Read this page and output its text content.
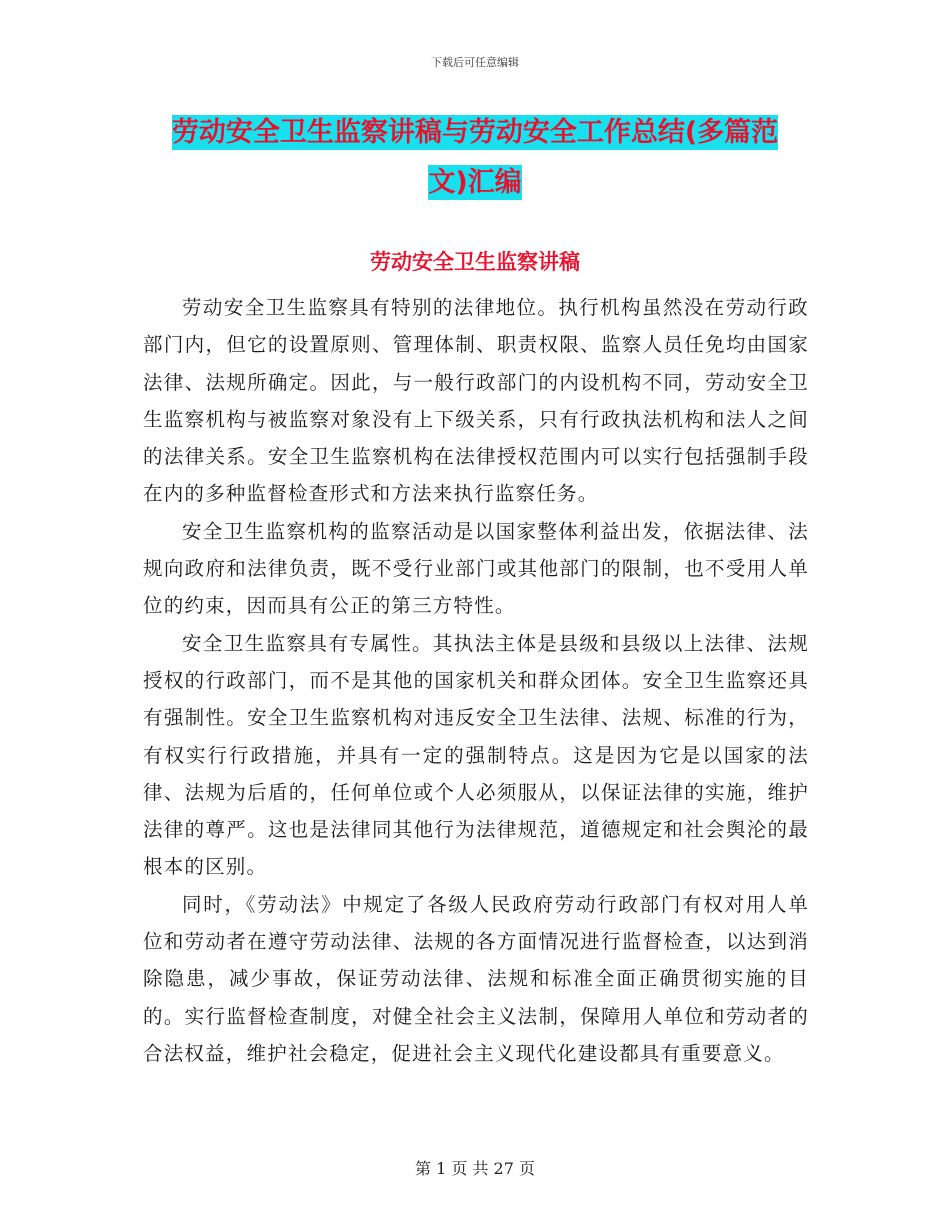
下载后可任意编辑
劳动安全卫生监察讲稿与劳动安全工作总结(多篇范
文)汇编
劳动安全卫生监察讲稿

劳动安全卫生监察具有特别的法律地位。执行机构虽然没在劳动行政部门内，但它的设置原则、管理体制、职责权限、监察人员任免均由国家法律、法规所确定。因此，与一般行政部门的内设机构不同，劳动安全卫生监察机构与被监察对象没有上下级关系，只有行政执法机构和法人之间的法律关系。安全卫生监察机构在法律授权范围内可以实行包括强制手段在内的多种监督检查形式和方法来执行监察任务。

安全卫生监察机构的监察活动是以国家整体利益出发，依据法律、法规向政府和法律负责，既不受行业部门或其他部门的限制，也不受用人单位的约束，因而具有公正的第三方特性。

安全卫生监察具有专属性。其执法主体是县级和县级以上法律、法规授权的行政部门，而不是其他的国家机关和群众团体。安全卫生监察还具有强制性。安全卫生监察机构对违反安全卫生法律、法规、标准的行为，有权实行行政措施，并具有一定的强制特点。这是因为它是以国家的法律、法规为后盾的，任何单位或个人必须服从，以保证法律的实施，维护法律的尊严。这也是法律同其他行为法律规范，道德规定和社会舆沦的最根本的区别。

同时，《劳动法》中规定了各级人民政府劳动行政部门有权对用人单位和劳动者在遵守劳动法律、法规的各方面情况进行监督检查，以达到消除隐患，减少事故，保证劳动法律、法规和标准全面正确贯彻实施的目的。实行监督检查制度，对健全社会主义法制，保障用人单位和劳动者的合法权益，维护社会稳定，促进社会主义现代化建设都具有重要意义。

第 1 页 共 27 页
